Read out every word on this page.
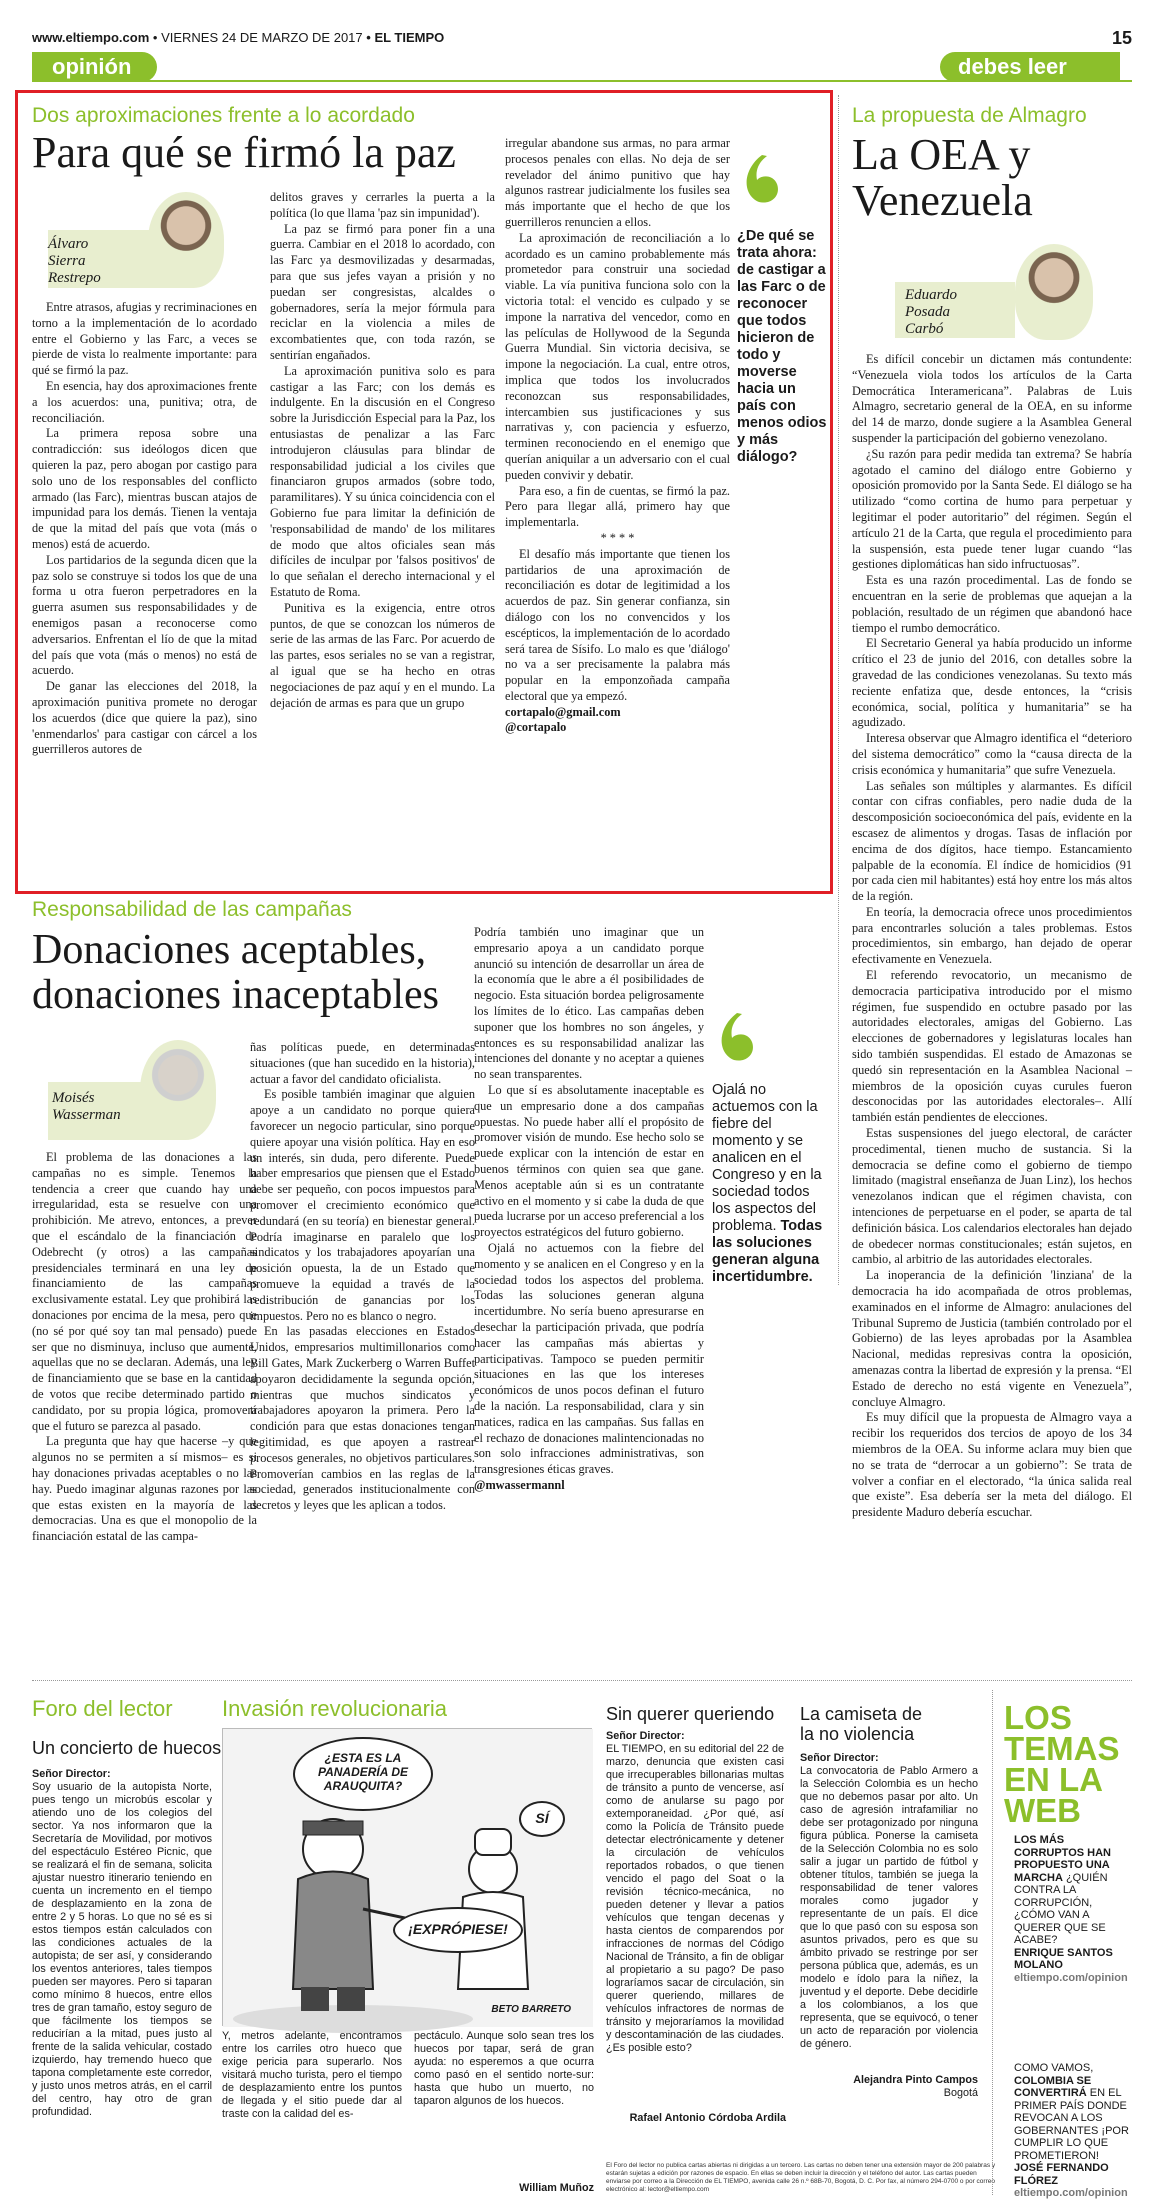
www.eltiempo.com • VIERNES 24 DE MARZO DE 2017 • EL TIEMPO	15
opinión	debes leer
Dos aproximaciones frente a lo acordado
Para qué se firmó la paz
Álvaro Sierra Restrepo

Entre atrasos, afugias y recriminaciones en torno a la implementación de lo acordado entre el Gobierno y las Farc, a veces se pierde de vista lo realmente importante: para qué se firmó la paz.

En esencia, hay dos aproximaciones frente a los acuerdos: una, punitiva; otra, de reconciliación.

La primera reposa sobre una contradicción: sus ideólogos dicen que quieren la paz, pero abogan por castigo para solo uno de los responsables del conflicto armado (las Farc), mientras buscan atajos de impunidad para los demás. Tienen la ventaja de que la mitad del país que vota (más o menos) está de acuerdo.

Los partidarios de la segunda dicen que la paz solo se construye si todos los que de una forma u otra fueron perpetradores en la guerra asumen sus responsabilidades y de enemigos pasan a reconocerse como adversarios. Enfrentan el lío de que la mitad del país que vota (más o menos) no está de acuerdo.

De ganar las elecciones del 2018, la aproximación punitiva promete no derogar los acuerdos (dice que quiere la paz), sino 'enmendarlos' para castigar con cárcel a los guerrilleros autores de

delitos graves y cerrarles la puerta a la política (lo que llama 'paz sin impunidad').

La paz se firmó para poner fin a una guerra. Cambiar en el 2018 lo acordado, con las Farc ya desmovilizadas y desarmadas, para que sus jefes vayan a prisión y no puedan ser congresistas, alcaldes o gobernadores, sería la mejor fórmula para reciclar en la violencia a miles de excombatientes que, con toda razón, se sentirían engañados.

La aproximación punitiva solo es para castigar a las Farc; con los demás es indulgente. En la discusión en el Congreso sobre la Jurisdicción Especial para la Paz, los entusiastas de penalizar a las Farc introdujeron cláusulas para blindar de responsabilidad judicial a los civiles que financiaron grupos armados (sobre todo, paramilitares). Y su única coincidencia con el Gobierno fue para limitar la definición de 'responsabilidad de mando' de los militares de modo que altos oficiales sean más difíciles de inculpar por 'falsos positivos' de lo que señalan el derecho internacional y el Estatuto de Roma.

Punitiva es la exigencia, entre otros puntos, de que se conozcan los números de serie de las armas de las Farc. Por acuerdo de las partes, esos seriales no se van a registrar, al igual que se ha hecho en otras negociaciones de paz aquí y en el mundo. La dejación de armas es para que un grupo

irregular abandone sus armas, no para armar procesos penales con ellas. No deja de ser revelador del ánimo punitivo que hay algunos rastrear judicialmente los fusiles sea más importante que el hecho de que los guerrilleros renuncien a ellos.

La aproximación de reconciliación a lo acordado es un camino probablemente más prometedor para construir una sociedad viable. La vía punitiva funciona solo con la victoria total: el vencido es culpado y se impone la narrativa del vencedor, como en las películas de Hollywood de la Segunda Guerra Mundial. Sin victoria decisiva, se impone la negociación. La cual, entre otros, implica que todos los involucrados reconozcan sus responsabilidades, intercambien sus justificaciones y sus narrativas y, con paciencia y esfuerzo, terminen reconociendo en el enemigo que querían aniquilar a un adversario con el cual pueden convivir y debatir.

Para eso, a fin de cuentas, se firmó la paz. Pero para llegar allá, primero hay que implementarla.

* * * *

El desafío más importante que tienen los partidarios de una aproximación de reconciliación es dotar de legitimidad a los acuerdos de paz. Sin generar confianza, sin diálogo con los no convencidos y los escépticos, la implementación de lo acordado será tarea de Sísifo. Lo malo es que 'diálogo' no va a ser precisamente la palabra más popular en la emponzoñada campaña electoral que ya empezó.

cortapalo@gmail.com

@cortapalo

¿De qué se trata ahora: de castigar a las Farc o de reconocer que todos hicieron de todo y moverse hacia un país con menos odios y más diálogo?
La propuesta de Almagro
La OEA y Venezuela
Eduardo Posada Carbó

Es difícil concebir un dictamen más contundente: “Venezuela viola todos los artículos de la Carta Democrática Interamericana”. Palabras de Luis Almagro, secretario general de la OEA, en su informe del 14 de marzo, donde sugiere a la Asamblea General suspender la participación del gobierno venezolano.

¿Su razón para pedir medida tan extrema? Se habría agotado el camino del diálogo entre Gobierno y oposición promovido por la Santa Sede. El diálogo se ha utilizado “como cortina de humo para perpetuar y legitimar el poder autoritario” del régimen. Según el artículo 21 de la Carta, que regula el procedimiento para la suspensión, esta puede tener lugar cuando “las gestiones diplomáticas han sido infructuosas”.

Esta es una razón procedimental. Las de fondo se encuentran en la serie de problemas que aquejan a la población, resultado de un régimen que abandonó hace tiempo el rumbo democrático.

El Secretario General ya había producido un informe crítico el 23 de junio del 2016, con detalles sobre la gravedad de las condiciones venezolanas. Su texto más reciente enfatiza que, desde entonces, la “crisis económica, social, política y humanitaria” se ha agudizado.

Interesa observar que Almagro identifica el “deterioro del sistema democrático” como la “causa directa de la crisis económica y humanitaria” que sufre Venezuela.

Las señales son múltiples y alarmantes. Es difícil contar con cifras confiables, pero nadie duda de la descomposición socioeconómica del país, evidente en la escasez de alimentos y drogas. Tasas de inflación por encima de dos dígitos, hace tiempo. Estancamiento palpable de la economía. El índice de homicidios (91 por cada cien mil habitantes) está hoy entre los más altos de la región.

En teoría, la democracia ofrece unos procedimientos para encontrarles solución a tales problemas. Estos procedimientos, sin embargo, han dejado de operar efectivamente en Venezuela.

El referendo revocatorio, un mecanismo de democracia participativa introducido por el mismo régimen, fue suspendido en octubre pasado por las autoridades electorales, amigas del Gobierno. Las elecciones de gobernadores y legislaturas locales han sido también suspendidas. El estado de Amazonas se quedó sin representación en la Asamblea Nacional –miembros de la oposición cuyas curules fueron desconocidas por las autoridades electorales–. Allí también están pendientes de elecciones.

Estas suspensiones del juego electoral, de carácter procedimental, tienen mucho de sustancia. Si la democracia se define como el gobierno de tiempo limitado (magistral enseñanza de Juan Linz), los hechos venezolanos indican que el régimen chavista, con intenciones de perpetuarse en el poder, se aparta de tal definición básica. Los calendarios electorales han dejado de obedecer normas constitucionales; están sujetos, en cambio, al arbitrio de las autoridades electorales.

La inoperancia de la definición 'linziana' de la democracia ha ido acompañada de otros problemas, examinados en el informe de Almagro: anulaciones del Tribunal Supremo de Justicia (también controlado por el Gobierno) de las leyes aprobadas por la Asamblea Nacional, medidas represivas contra la oposición, amenazas contra la libertad de expresión y la prensa. “El Estado de derecho no está vigente en Venezuela”, concluye Almagro.

Es muy difícil que la propuesta de Almagro vaya a recibir los requeridos dos tercios de apoyo de los 34 miembros de la OEA. Su informe aclara muy bien que no se trata de “derrocar a un gobierno”: Se trata de volver a confiar en el electorado, “la única salida real que existe”. Esa debería ser la meta del diálogo. El presidente Maduro debería escuchar.

Responsabilidad de las campañas
Donaciones aceptables,
donaciones inaceptables
Moisés Wasserman

El problema de las donaciones a las campañas no es simple. Tenemos la tendencia a creer que cuando hay una irregularidad, esta se resuelve con una prohibición. Me atrevo, entonces, a prever que el escándalo de la financiación de Odebrecht (y otros) a las campañas presidenciales terminará en una ley de financiamiento de las campañas exclusivamente estatal. Ley que prohibirá las donaciones por encima de la mesa, pero que (no sé por qué soy tan mal pensado) puede ser que no disminuya, incluso que aumente, aquellas que no se declaran. Además, una ley de financiamiento que se base en la cantidad de votos que recibe determinado partido o candidato, por su propia lógica, promoverá que el futuro se parezca al pasado.

La pregunta que hay que hacerse –y que algunos no se permiten a sí mismos– es si hay donaciones privadas aceptables o no las hay. Puedo imaginar algunas razones por las que estas existen en la mayoría de las democracias. Una es que el monopolio de la financiación estatal de las campa-

ñas políticas puede, en determinadas situaciones (que han sucedido en la historia), actuar a favor del candidato oficialista.

Es posible también imaginar que alguien apoye a un candidato no porque quiera favorecer un negocio particular, sino porque quiere apoyar una visión política. Hay en eso un interés, sin duda, pero diferente. Puede haber empresarios que piensen que el Estado debe ser pequeño, con pocos impuestos para promover el crecimiento económico que redundará (en su teoría) en bienestar general. Podría imaginarse en paralelo que los sindicatos y los trabajadores apoyarían una posición opuesta, la de un Estado que promueve la equidad a través de la redistribución de ganancias por los impuestos. Pero no es blanco o negro.

En las pasadas elecciones en Estados Unidos, empresarios multimillonarios como Bill Gates, Mark Zuckerberg o Warren Buffet apoyaron decididamente la segunda opción, mientras que muchos sindicatos y trabajadores apoyaron la primera. Pero la condición para que estas donaciones tengan legitimidad, es que apoyen a rastrear procesos generales, no objetivos particulares. Promoverían cambios en las reglas de la sociedad, generados institucionalmente con decretos y leyes que les aplican a todos.

Podría también uno imaginar que un empresario apoya a un candidato porque anunció su intención de desarrollar un área de la economía que le abre a él posibilidades de negocio. Esta situación bordea peligrosamente los límites de lo ético. Las campañas deben suponer que los hombres no son ángeles, y entonces es su responsabilidad analizar las intenciones del donante y no aceptar a quienes no sean transparentes.

Lo que sí es absolutamente inaceptable es que un empresario done a dos campañas opuestas. No puede haber allí el propósito de promover visión de mundo. Ese hecho solo se puede explicar con la intención de estar en buenos términos con quien sea que gane. Menos aceptable aún si es un contratante activo en el momento y si cabe la duda de que pueda lucrarse por un acceso preferencial a los proyectos estratégicos del futuro gobierno.

Ojalá no actuemos con la fiebre del momento y se analicen en el Congreso y en la sociedad todos los aspectos del problema. Todas las soluciones generan alguna incertidumbre. No sería bueno apresurarse en desechar la participación privada, que podría hacer las campañas más abiertas y participativas. Tampoco se pueden permitir situaciones en las que los intereses económicos de unos pocos definan el futuro de la nación. La responsabilidad, clara y sin matices, radica en las campañas. Sus fallas en el rechazo de donaciones malintencionadas no son solo infracciones administrativas, son transgresiones éticas graves.

@mwassermannl

Ojalá no actuemos con la fiebre del momento y se analicen en el Congreso y en la sociedad todos los aspectos del problema. Todas las soluciones generan alguna incertidumbre.
Foro del lector
Un concierto de huecos
Señor Director:
Soy usuario de la autopista Norte, pues tengo un microbús escolar y atiendo uno de los colegios del sector. Ya nos informaron que la Secretaría de Movilidad, por motivos del espectáculo Estéreo Picnic, que se realizará el fin de semana, solicita ajustar nuestro itinerario teniendo en cuenta un incremento en el tiempo de desplazamiento en la zona de entre 2 y 5 horas. Lo que no sé es si estos tiempos están calculados con las condiciones actuales de la autopista; de ser así, y considerando los eventos anteriores, tales tiempos pueden ser mayores. Pero si taparan como mínimo 8 huecos, entre ellos tres de gran tamaño, estoy seguro de que fácilmente los tiempos se reducirían a la mitad, pues justo al frente de la salida vehicular, costado izquierdo, hay tremendo hueco que tapona completamente este corredor, y justo unos metros atrás, en el carril del centro, hay otro de gran profundidad.
Invasión revolucionaria
¿ESTA ES LA PANADERÍA DE ARAUQUITA?
SÍ
¡EXPRÓPIESE!
BETO BARRETO
Y, metros adelante, encontramos entre los carriles otro hueco que exige pericia para superarlo. Nos visitará mucho turista, pero el tiempo de desplazamiento entre los puntos de llegada y el sitio puede dar al traste con la calidad del es-
pectáculo. Aunque solo sean tres los huecos por tapar, será de gran ayuda: no esperemos a que ocurra como pasó en el sentido norte-sur: hasta que hubo un muerto, no taparon algunos de los huecos.
William Muñoz
Sin querer queriendo
Señor Director:
EL TIEMPO, en su editorial del 22 de marzo, denuncia que existen casi que irrecuperables billonarias multas de tránsito a punto de vencerse, así como de anularse su pago por extemporaneidad. ¿Por qué, así como la Policía de Tránsito puede detectar electrónicamente y detener la circulación de vehículos reportados robados, o que tienen vencido el pago del Soat o la revisión técnico-mecánica, no pueden detener y llevar a patios vehículos que tengan decenas y hasta cientos de comparendos por infracciones de normas del Código Nacional de Tránsito, a fin de obligar al propietario a su pago? De paso lograríamos sacar de circulación, sin querer queriendo, millares de vehículos infractores de normas de tránsito y mejoraríamos la movilidad y descontaminación de las ciudades. ¿Es posible esto?
Rafael Antonio Córdoba Ardila
La camiseta de
la no violencia
Señor Director:
La convocatoria de Pablo Armero a la Selección Colombia es un hecho que no debemos pasar por alto. Un caso de agresión intrafamiliar no debe ser protagonizado por ninguna figura pública. Ponerse la camiseta de la Selección Colombia no es solo salir a jugar un partido de fútbol y obtener títulos, también se juega la responsabilidad de tener valores morales como jugador y representante de un país. El dice que lo que pasó con su esposa son asuntos privados, pero es que su ámbito privado se restringe por ser persona pública que, además, es un modelo e ídolo para la niñez, la juventud y el deporte. Debe decidirle a los colombianos, a los que representa, que se equivocó, o tener un acto de reparación por violencia de género.
Alejandra Pinto Campos
Bogotá
El Foro del lector no publica cartas abiertas ni dirigidas a un tercero. Las cartas no deben tener una extensión mayor de 200 palabras y estarán sujetas a edición por razones de espacio. En ellas se deben incluir la dirección y el teléfono del autor. Las cartas pueden enviarse por correo a la Dirección de EL TIEMPO, avenida calle 26 n.º 68B-70, Bogotá, D. C. Por fax, al número 294-0700 o por correo electrónico al: lector@eltiempo.com
LOS
TEMAS
EN LA
WEB
LOS MÁS CORRUPTOS HAN PROPUESTO UNA MARCHA ¿QUIÉN CONTRA LA CORRUPCIÓN, ¿CÓMO VAN A QUERER QUE SE ACABE?
ENRIQUE SANTOS MOLANO
eltiempo.com/opinion
COMO VAMOS, COLOMBIA SE CONVERTIRÁ EN EL PRIMER PAÍS DONDE REVOCAN A LOS GOBERNANTES ¡POR CUMPLIR LO QUE PROMETIERON!
JOSÉ FERNANDO FLÓREZ
eltiempo.com/opinion
